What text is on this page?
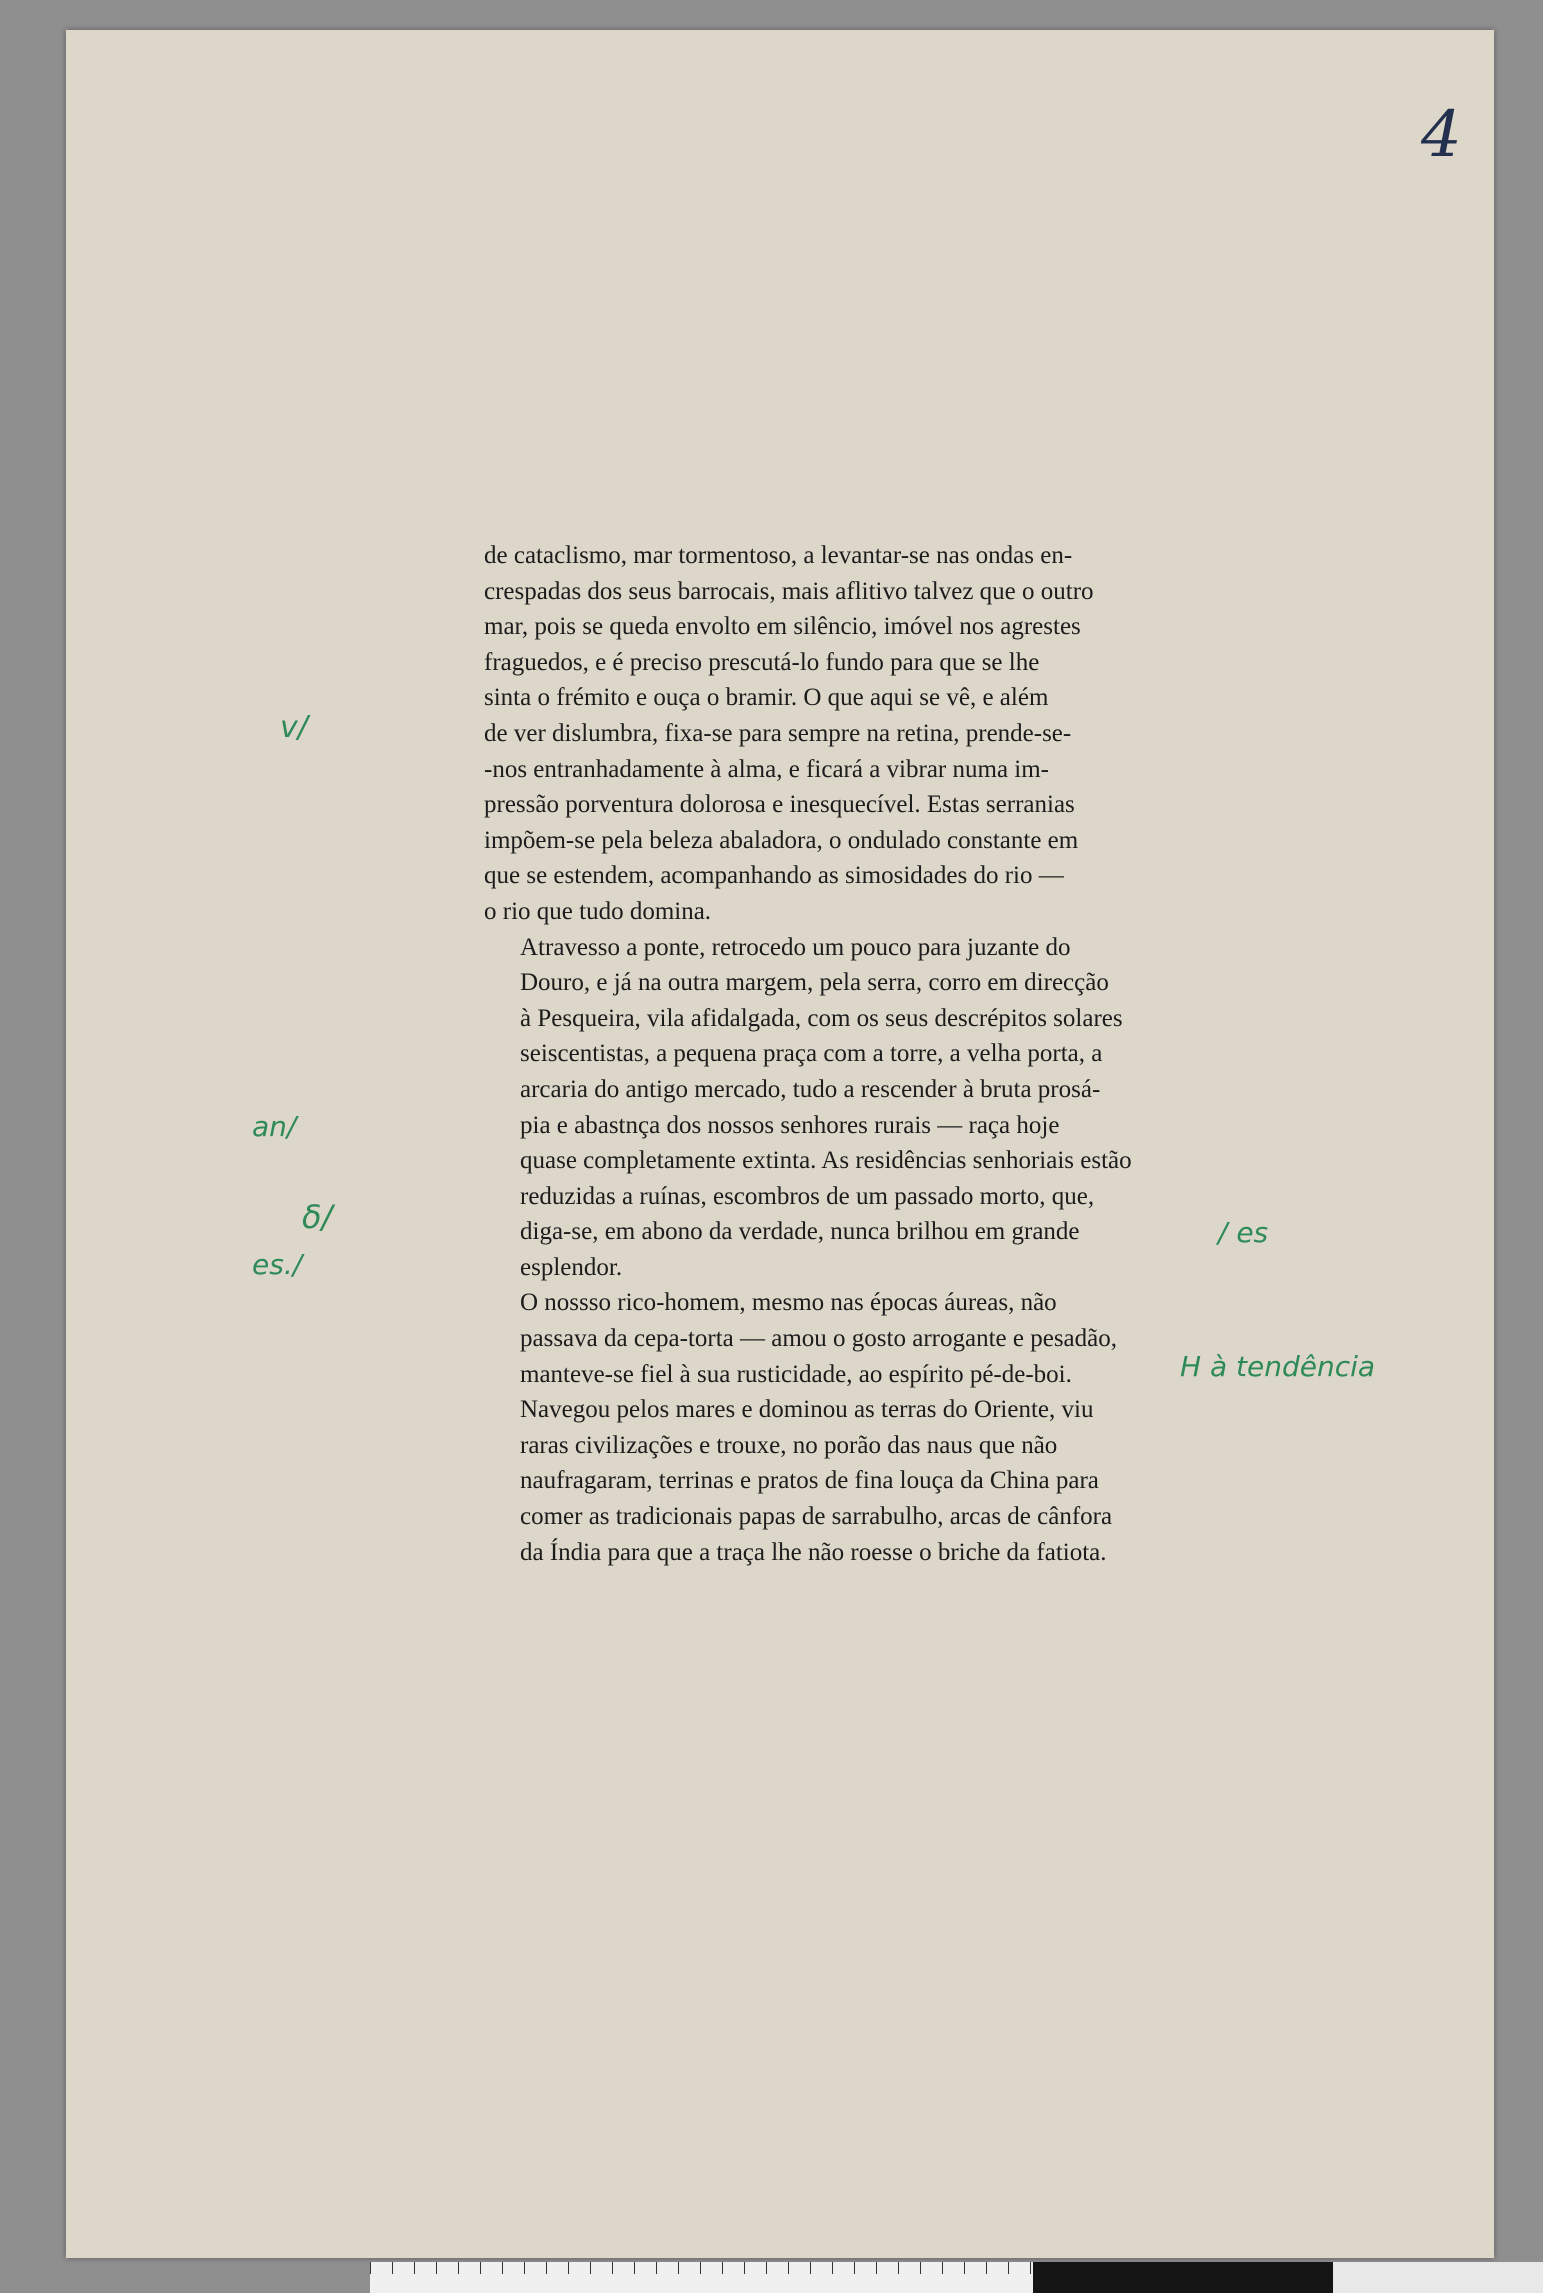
4
v/
an/
δ/
es./
/ es
H à tendência

de cataclismo, mar tormentoso, a levantar-se nas ondas en-
crespadas dos seus barrocais, mais aflitivo talvez que o outro
mar, pois se queda envolto em silêncio, imóvel nos agrestes
fraguedos, e é preciso prescutá-lo fundo para que se lhe
sinta o frémito e ouça o bramir. O que aqui se vê, e além
de ver dislumbra, fixa-se para sempre na retina, prende-se-
-nos entranhadamente à alma, e ficará a vibrar numa im-
pressão porventura dolorosa e inesquecível. Estas serranias
impõem-se pela beleza abaladora, o ondulado constante em
que se estendem, acompanhando as simosidades do rio —
o rio que tudo domina.

Atravesso a ponte, retrocedo um pouco para juzante do
Douro, e já na outra margem, pela serra, corro em direcção
à Pesqueira, vila afidalgada, com os seus descrépitos solares
seiscentistas, a pequena praça com a torre, a velha porta, a
arcaria do antigo mercado, tudo a rescender à bruta prosá-
pia e abastnça dos nossos senhores rurais — raça hoje
quase completamente extinta. As residências senhoriais estão
reduzidas a ruínas, escombros de um passado morto, que,
diga-se, em abono da verdade, nunca brilhou em grande
esplendor.

O nossso rico-homem, mesmo nas épocas áureas, não
passava da cepa-torta — amou o gosto arrogante e pesadão,
manteve-se fiel à sua rusticidade, ao espírito pé-de-boi.
Navegou pelos mares e dominou as terras do Oriente, viu
raras civilizações e trouxe, no porão das naus que não
naufragaram, terrinas e pratos de fina louça da China para
comer as tradicionais papas de sarrabulho, arcas de cânfora
da Índia para que a traça lhe não roesse o briche da fatiota.
